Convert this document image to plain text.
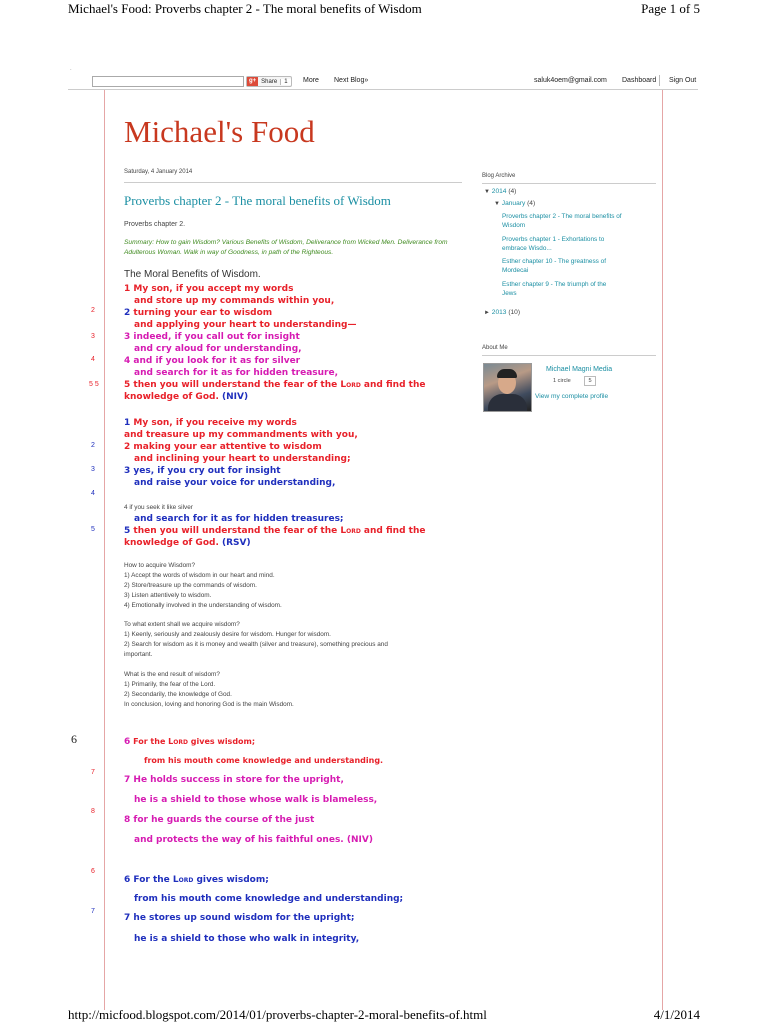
Michael's Food: Proverbs chapter 2 - The moral benefits of Wisdom	Page 1 of 5
.
g+ Share	1	More Next Blog»	saluk4oem@gmail.com Dashboard Sign Out
Michael's Food
Saturday, 4 January 2014
Proverbs chapter 2 - The moral benefits of Wisdom
Proverbs chapter 2.
Summary: How to gain Wisdom? Various Benefits of Wisdom, Deliverance from Wicked Men. Deliverance from Adulterous Woman. Walk in way of Goodness, in path of the Righteous.
The Moral Benefits of Wisdom.
1 My son, if you accept my words
and store up my commands within you,
2 turning your ear to wisdom
and applying your heart to understanding—
3 indeed, if you call out for insight
and cry aloud for understanding,
4 and if you look for it as for silver
and search for it as for hidden treasure,
5 then you will understand the fear of the Lord and find the
knowledge of God. (NIV)
1 My son, if you receive my words
and treasure up my commandments with you,
2 making your ear attentive to wisdom
and inclining your heart to understanding;
3 yes, if you cry out for insight
and raise your voice for understanding,
4 if you seek it like silver
and search for it as for hidden treasures;
5 then you will understand the fear of the Lord and find the
knowledge of God. (RSV)
How to acquire Wisdom?
1) Accept the words of wisdom in our heart and mind.
2) Store/treasure up the commands of wisdom.
3) Listen attentively to wisdom.
4) Emotionally involved in the understanding of wisdom.
To what extent shall we acquire wisdom?
1) Keenly, seriously and zealously desire for wisdom. Hunger for wisdom.
2) Search for wisdom as it is money and wealth (silver and treasure), something precious and
important.
What is the end result of wisdom?
1) Primarily, the fear of the Lord.
2) Secondarily, the knowledge of God.
In conclusion, loving and honoring God is the main Wisdom.
6 For the Lord gives wisdom;
from his mouth come knowledge and understanding.
7 He holds success in store for the upright,
he is a shield to those whose walk is blameless,
8 for he guards the course of the just
and protects the way of his faithful ones. (NIV)
6 For the Lord gives wisdom;
from his mouth come knowledge and understanding;
7 he stores up sound wisdom for the upright;
he is a shield to those who walk in integrity,
2
3
4
5 5
2
3
4
5
6
7
8
6
7
Blog Archive
▼ 2014 (4)
▼ January (4)
Proverbs chapter 2 - The moral benefits of Wisdom
Proverbs chapter 1 - Exhortations to embrace Wisdo...
Esther chapter 10 - The greatness of Mordecai
Esther chapter 9 - The triumph of the Jews
► 2013 (10)
About Me
Michael Magni Media
1 circle	5
View my complete profile
http://micfood.blogspot.com/2014/01/proverbs-chapter-2-moral-benefits-of.html	4/1/2014
